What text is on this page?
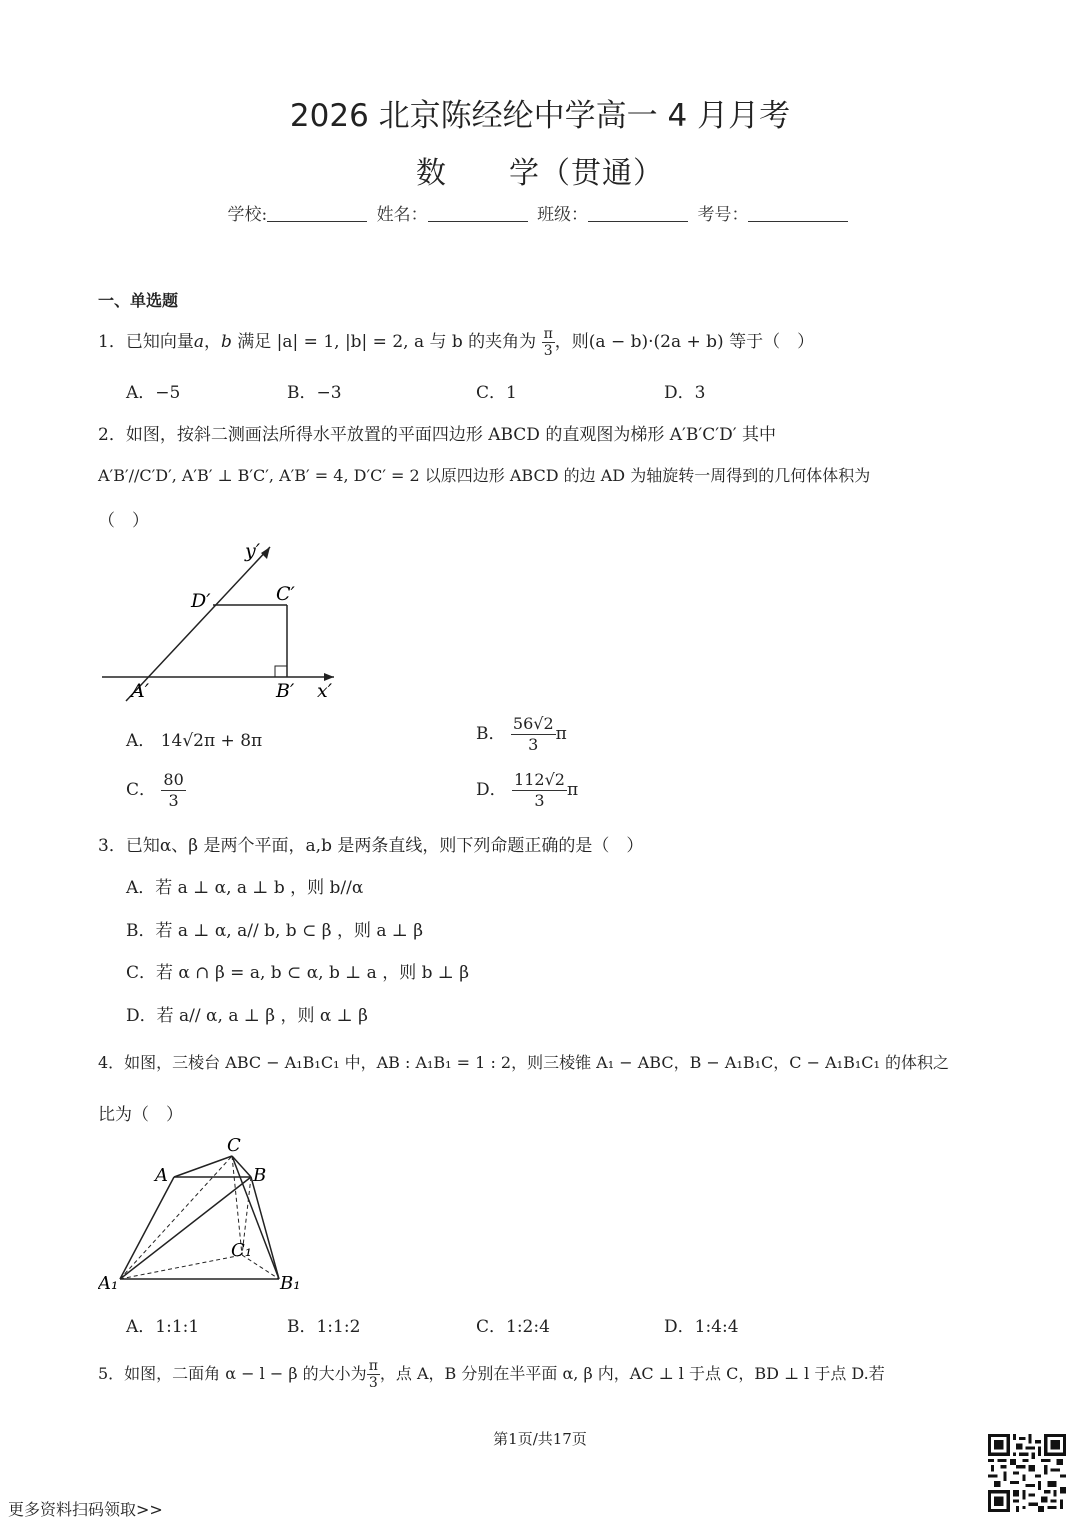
2026 北京陈经纶中学高一 4 月月考
数　　学（贯通）
学校:	姓名：	班级：	考号：
一、单选题
1．已知向量a，b 满足 |a| = 1, |b| = 2, a 与 b 的夹角为 $\frac{\pi}{3}$ ，则(a − b)·(2a + b) 等于（　）
A．−5	B．−3	C．1	D．3
2．如图，按斜二测画法所得水平放置的平面四边形 ABCD 的直观图为梯形 A′B′C′D′ 其中
A′B′//C′D′, A′B′ ⊥ B′C′, A′B′ = 4, D′C′ = 2 以原四边形 ABCD 的边 AD 为轴旋转一周得到的几何体体积为
（　）
y′
x′
D′	C′
A′	B′
A． 14√2π + 8π	B． $\frac{56√2}{3}$ π
C． $\frac{80}{3}$	D． $\frac{112√2}{3}$ π
3．已知α、β 是两个平面，a,b 是两条直线，则下列命题正确的是（　）
A．若 a ⊥ α, a ⊥ b ，则 b//α
B．若 a ⊥ α, a// b, b ⊂ β ，则 a ⊥ β
C．若 α ∩ β = a, b ⊂ α, b ⊥ a ，则 b ⊥ β
D．若 a// α, a ⊥ β ，则 α ⊥ β
4．如图，三棱台 ABC − A₁B₁C₁ 中，AB : A₁B₁ = 1 : 2，则三棱锥 A₁ − ABC，B − A₁B₁C，C − A₁B₁C₁ 的体积之
比为（　）
C
A	B
C₁
A₁	B₁
A．1:1:1	B．1:1:2	C．1:2:4	D．1:4:4
5．如图，二面角 α − l − β 的大小为 $\frac{\pi}{3}$ ，点 A，B 分别在半平面 α, β 内，AC ⊥ l 于点 C，BD ⊥ l 于点 D.若
第1页/共17页
更多资料扫码领取>>
